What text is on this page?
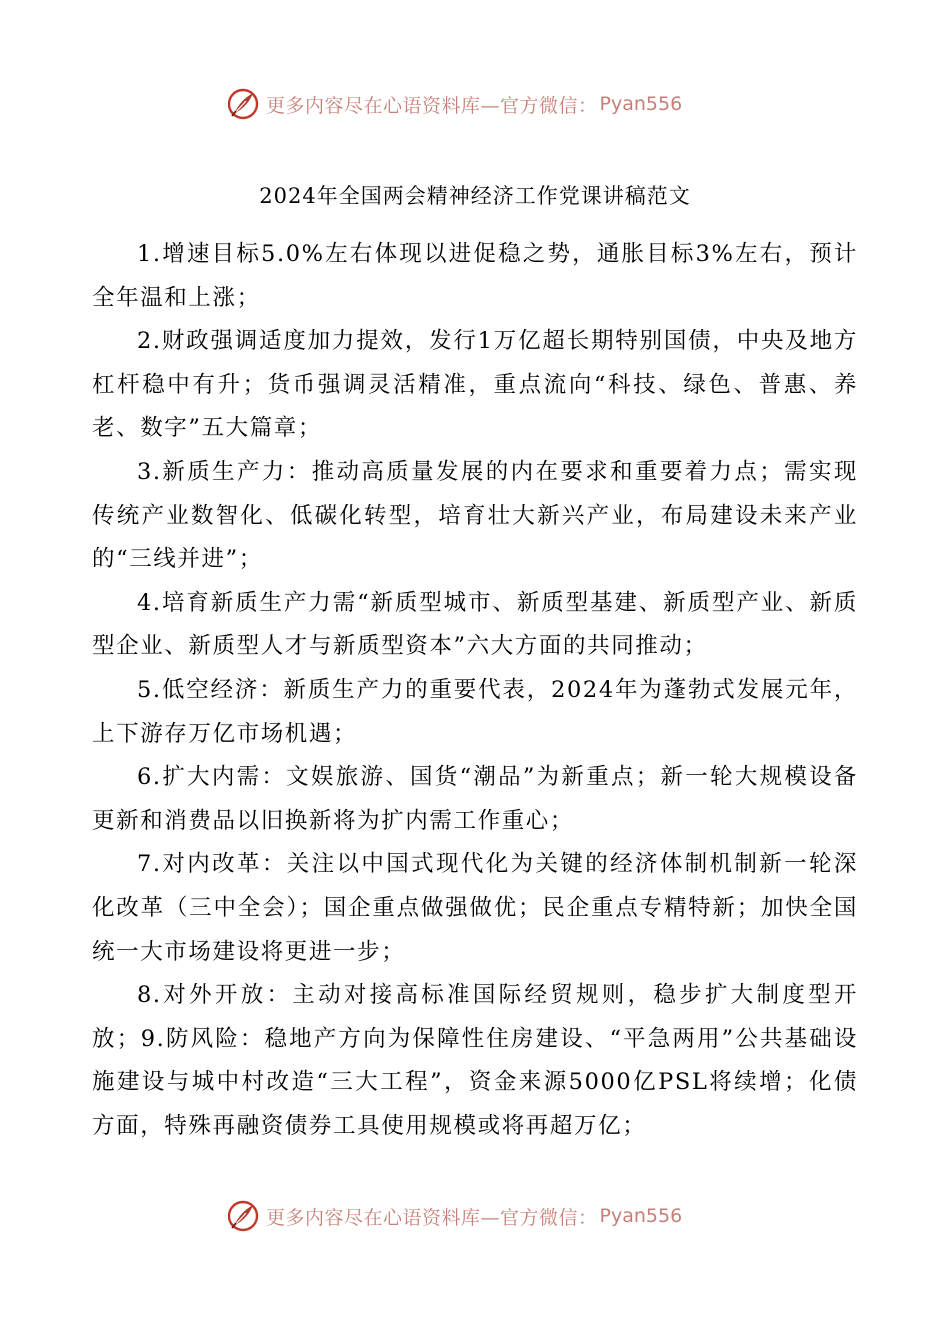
更多内容尽在心语资料库—官方微信： Pyan556
2024年全国两会精神经济工作党课讲稿范文

1.增速目标5.0%左右体现以进促稳之势，通胀目标3%左右，预计全年温和上涨；

2.财政强调适度加力提效，发行1万亿超长期特别国债，中央及地方杠杆稳中有升；货币强调灵活精准，重点流向“科技、绿色、普惠、养老、数字”五大篇章；

3.新质生产力：推动高质量发展的内在要求和重要着力点；需实现传统产业数智化、低碳化转型，培育壮大新兴产业，布局建设未来产业的“三线并进”；

4.培育新质生产力需“新质型城市、新质型基建、新质型产业、新质型企业、新质型人才与新质型资本”六大方面的共同推动；

5.低空经济：新质生产力的重要代表，2024年为蓬勃式发展元年，上下游存万亿市场机遇；

6.扩大内需：文娱旅游、国货“潮品”为新重点；新一轮大规模设备更新和消费品以旧换新将为扩内需工作重心；

7.对内改革：关注以中国式现代化为关键的经济体制机制新一轮深化改革（三中全会）；国企重点做强做优；民企重点专精特新；加快全国统一大市场建设将更进一步；

8.对外开放：主动对接高标准国际经贸规则，稳步扩大制度型开放；9.防风险：稳地产方向为保障性住房建设、“平急两用”公共基础设施建设与城中村改造“三大工程”，资金来源5000亿PSL将续增；化债方面，特殊再融资债券工具使用规模或将再超万亿；

更多内容尽在心语资料库—官方微信： Pyan556
